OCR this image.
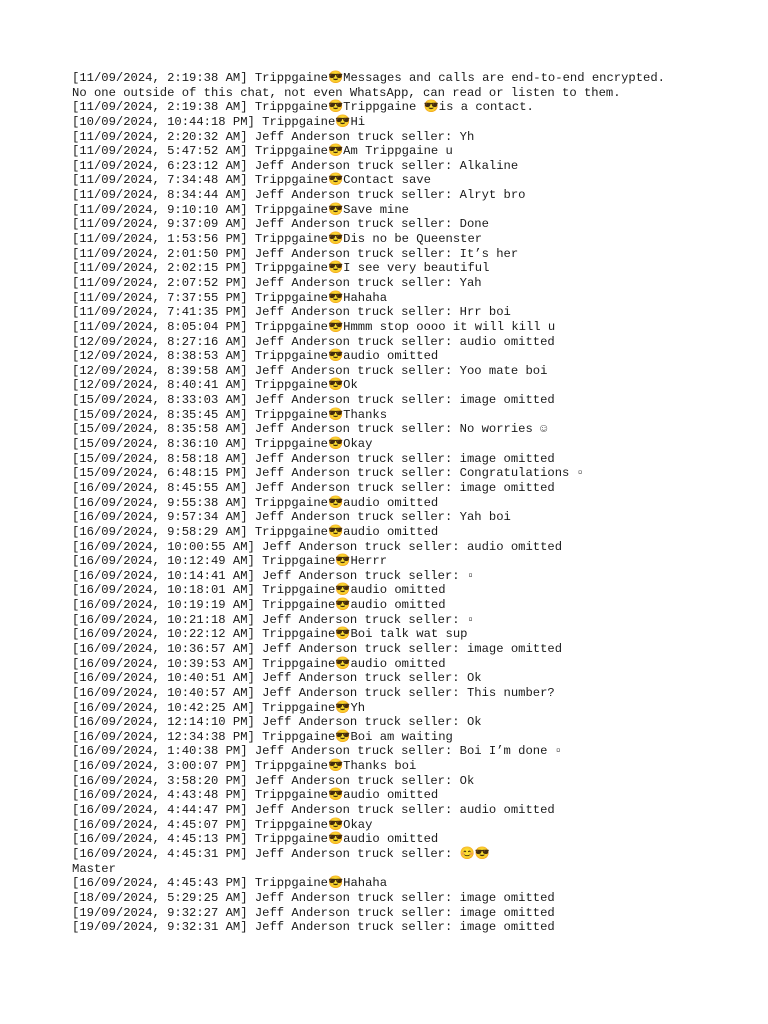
[11/09/2024, 2:19:38 AM] Trippgaine😎Messages and calls are end-to-end encrypted.
No one outside of this chat, not even WhatsApp, can read or listen to them.
[11/09/2024, 2:19:38 AM] Trippgaine😎Trippgaine 😎is a contact.
[10/09/2024, 10:44:18 PM] Trippgaine😎Hi
[11/09/2024, 2:20:32 AM] Jeff Anderson truck seller: Yh
[11/09/2024, 5:47:52 AM] Trippgaine😎Am Trippgaine u
[11/09/2024, 6:23:12 AM] Jeff Anderson truck seller: Alkaline
[11/09/2024, 7:34:48 AM] Trippgaine😎Contact save
[11/09/2024, 8:34:44 AM] Jeff Anderson truck seller: Alryt bro
[11/09/2024, 9:10:10 AM] Trippgaine😎Save mine
[11/09/2024, 9:37:09 AM] Jeff Anderson truck seller: Done
[11/09/2024, 1:53:56 PM] Trippgaine😎Dis no be Queenster
[11/09/2024, 2:01:50 PM] Jeff Anderson truck seller: It’s her
[11/09/2024, 2:02:15 PM] Trippgaine😎I see very beautiful
[11/09/2024, 2:07:52 PM] Jeff Anderson truck seller: Yah
[11/09/2024, 7:37:55 PM] Trippgaine😎Hahaha
[11/09/2024, 7:41:35 PM] Jeff Anderson truck seller: Hrr boi
[11/09/2024, 8:05:04 PM] Trippgaine😎Hmmm stop oooo it will kill u
[12/09/2024, 8:27:16 AM] Jeff Anderson truck seller: audio omitted
[12/09/2024, 8:38:53 AM] Trippgaine😎audio omitted
[12/09/2024, 8:39:58 AM] Jeff Anderson truck seller: Yoo mate boi
[12/09/2024, 8:40:41 AM] Trippgaine😎Ok
[15/09/2024, 8:33:03 AM] Jeff Anderson truck seller: image omitted
[15/09/2024, 8:35:45 AM] Trippgaine😎Thanks
[15/09/2024, 8:35:58 AM] Jeff Anderson truck seller: No worries ☺
[15/09/2024, 8:36:10 AM] Trippgaine😎Okay
[15/09/2024, 8:58:18 AM] Jeff Anderson truck seller: image omitted
[15/09/2024, 6:48:15 PM] Jeff Anderson truck seller: Congratulations ▫
[16/09/2024, 8:45:55 AM] Jeff Anderson truck seller: image omitted
[16/09/2024, 9:55:38 AM] Trippgaine😎audio omitted
[16/09/2024, 9:57:34 AM] Jeff Anderson truck seller: Yah boi
[16/09/2024, 9:58:29 AM] Trippgaine😎audio omitted
[16/09/2024, 10:00:55 AM] Jeff Anderson truck seller: audio omitted
[16/09/2024, 10:12:49 AM] Trippgaine😎Herrr
[16/09/2024, 10:14:41 AM] Jeff Anderson truck seller: ▫
[16/09/2024, 10:18:01 AM] Trippgaine😎audio omitted
[16/09/2024, 10:19:19 AM] Trippgaine😎audio omitted
[16/09/2024, 10:21:18 AM] Jeff Anderson truck seller: ▫
[16/09/2024, 10:22:12 AM] Trippgaine😎Boi talk wat sup
[16/09/2024, 10:36:57 AM] Jeff Anderson truck seller: image omitted
[16/09/2024, 10:39:53 AM] Trippgaine😎audio omitted
[16/09/2024, 10:40:51 AM] Jeff Anderson truck seller: Ok
[16/09/2024, 10:40:57 AM] Jeff Anderson truck seller: This number?
[16/09/2024, 10:42:25 AM] Trippgaine😎Yh
[16/09/2024, 12:14:10 PM] Jeff Anderson truck seller: Ok
[16/09/2024, 12:34:38 PM] Trippgaine😎Boi am waiting
[16/09/2024, 1:40:38 PM] Jeff Anderson truck seller: Boi I’m done ▫
[16/09/2024, 3:00:07 PM] Trippgaine😎Thanks boi
[16/09/2024, 3:58:20 PM] Jeff Anderson truck seller: Ok
[16/09/2024, 4:43:48 PM] Trippgaine😎audio omitted
[16/09/2024, 4:44:47 PM] Jeff Anderson truck seller: audio omitted
[16/09/2024, 4:45:07 PM] Trippgaine😎Okay
[16/09/2024, 4:45:13 PM] Trippgaine😎audio omitted
[16/09/2024, 4:45:31 PM] Jeff Anderson truck seller: 😊😎
Master
[16/09/2024, 4:45:43 PM] Trippgaine😎Hahaha
[18/09/2024, 5:29:25 AM] Jeff Anderson truck seller: image omitted
[19/09/2024, 9:32:27 AM] Jeff Anderson truck seller: image omitted
[19/09/2024, 9:32:31 AM] Jeff Anderson truck seller: image omitted
